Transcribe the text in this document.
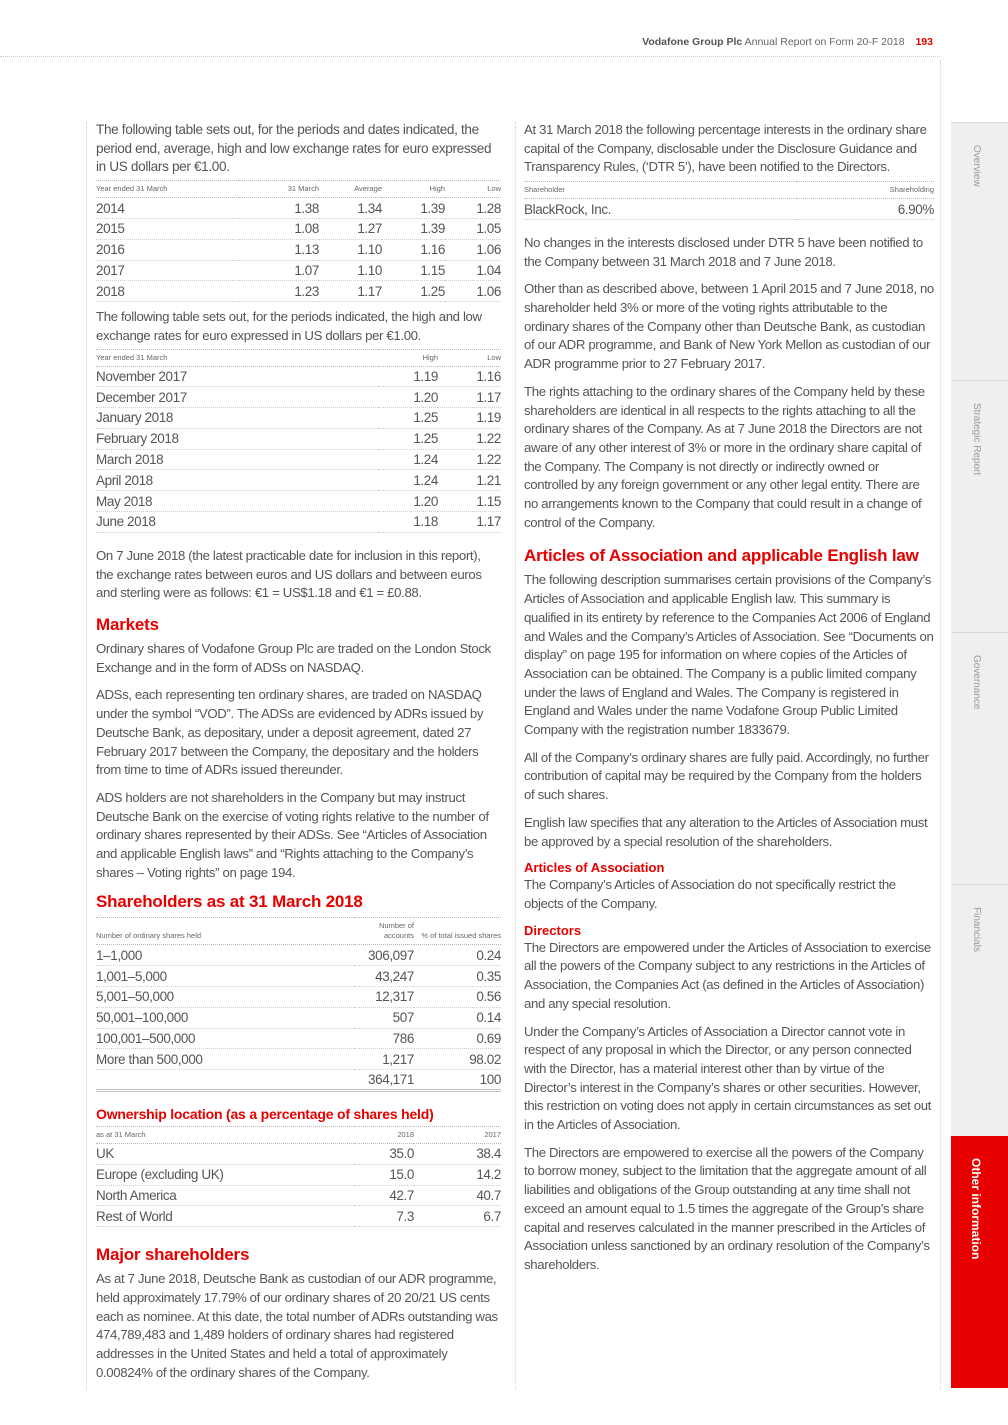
Vodafone Group Plc Annual Report on Form 20-F 2018 193

The following table sets out, for the periods and dates indicated, the period end, average, high and low exchange rates for euro expressed in US dollars per €1.00.

Year ended 31 March	31 March	Average	High	Low
2014	1.38	1.34	1.39	1.28
2015	1.08	1.27	1.39	1.05
2016	1.13	1.10	1.16	1.06
2017	1.07	1.10	1.15	1.04
2018	1.23	1.17	1.25	1.06

The following table sets out, for the periods indicated, the high and low exchange rates for euro expressed in US dollars per €1.00.

Year ended 31 March	High	Low
November 2017	1.19	1.16
December 2017	1.20	1.17
January 2018	1.25	1.19
February 2018	1.25	1.22
March 2018	1.24	1.22
April 2018	1.24	1.21
May 2018	1.20	1.15
June 2018	1.18	1.17

On 7 June 2018 (the latest practicable date for inclusion in this report), the exchange rates between euros and US dollars and between euros and sterling were as follows: €1 = US$1.18 and €1 = £0.88.

Markets

Ordinary shares of Vodafone Group Plc are traded on the London Stock Exchange and in the form of ADSs on NASDAQ.

ADSs, each representing ten ordinary shares, are traded on NASDAQ under the symbol “VOD”. The ADSs are evidenced by ADRs issued by Deutsche Bank, as depositary, under a deposit agreement, dated 27 February 2017 between the Company, the depositary and the holders from time to time of ADRs issued thereunder.

ADS holders are not shareholders in the Company but may instruct Deutsche Bank on the exercise of voting rights relative to the number of ordinary shares represented by their ADSs. See “Articles of Association and applicable English laws” and “Rights attaching to the Company’s shares – Voting rights” on page 194.

Shareholders as at 31 March 2018
Number of ordinary shares held	Number of accounts	% of total issued shares
1–1,000	306,097	0.24
1,001–5,000	43,247	0.35
5,001–50,000	12,317	0.56
50,001–100,000	507	0.14
100,001–500,000	786	0.69
More than 500,000	1,217	98.02
	364,171	100
Ownership location (as a percentage of shares held)
as at 31 March	2018	2017
UK	35.0	38.4
Europe (excluding UK)	15.0	14.2
North America	42.7	40.7
Rest of World	7.3	6.7
Major shareholders

As at 7 June 2018, Deutsche Bank as custodian of our ADR programme, held approximately 17.79% of our ordinary shares of 20 20/21 US cents each as nominee. At this date, the total number of ADRs outstanding was 474,789,483 and 1,489 holders of ordinary shares had registered addresses in the United States and held a total of approximately 0.00824% of the ordinary shares of the Company.

At 31 March 2018 the following percentage interests in the ordinary share capital of the Company, disclosable under the Disclosure Guidance and Transparency Rules, (‘DTR 5’), have been notified to the Directors.

Shareholder	Shareholding
BlackRock, Inc.	6.90%

No changes in the interests disclosed under DTR 5 have been notified to the Company between 31 March 2018 and 7 June 2018.

Other than as described above, between 1 April 2015 and 7 June 2018, no shareholder held 3% or more of the voting rights attributable to the ordinary shares of the Company other than Deutsche Bank, as custodian of our ADR programme, and Bank of New York Mellon as custodian of our ADR programme prior to 27 February 2017.

The rights attaching to the ordinary shares of the Company held by these shareholders are identical in all respects to the rights attaching to all the ordinary shares of the Company. As at 7 June 2018 the Directors are not aware of any other interest of 3% or more in the ordinary share capital of the Company. The Company is not directly or indirectly owned or controlled by any foreign government or any other legal entity. There are no arrangements known to the Company that could result in a change of control of the Company.

Articles of Association and applicable English law

The following description summarises certain provisions of the Company’s Articles of Association and applicable English law. This summary is qualified in its entirety by reference to the Companies Act 2006 of England and Wales and the Company’s Articles of Association. See “Documents on display” on page 195 for information on where copies of the Articles of Association can be obtained. The Company is a public limited company under the laws of England and Wales. The Company is registered in England and Wales under the name Vodafone Group Public Limited Company with the registration number 1833679.

All of the Company’s ordinary shares are fully paid. Accordingly, no further contribution of capital may be required by the Company from the holders of such shares.

English law specifies that any alteration to the Articles of Association must be approved by a special resolution of the shareholders.

Articles of Association

The Company’s Articles of Association do not specifically restrict the objects of the Company.

Directors

The Directors are empowered under the Articles of Association to exercise all the powers of the Company subject to any restrictions in the Articles of Association, the Companies Act (as defined in the Articles of Association) and any special resolution.

Under the Company’s Articles of Association a Director cannot vote in respect of any proposal in which the Director, or any person connected with the Director, has a material interest other than by virtue of the Director’s interest in the Company’s shares or other securities. However, this restriction on voting does not apply in certain circumstances as set out in the Articles of Association.

The Directors are empowered to exercise all the powers of the Company to borrow money, subject to the limitation that the aggregate amount of all liabilities and obligations of the Group outstanding at any time shall not exceed an amount equal to 1.5 times the aggregate of the Group’s share capital and reserves calculated in the manner prescribed in the Articles of Association unless sanctioned by an ordinary resolution of the Company’s shareholders.

Overview
Strategic Report
Governance
Financials
Other information
